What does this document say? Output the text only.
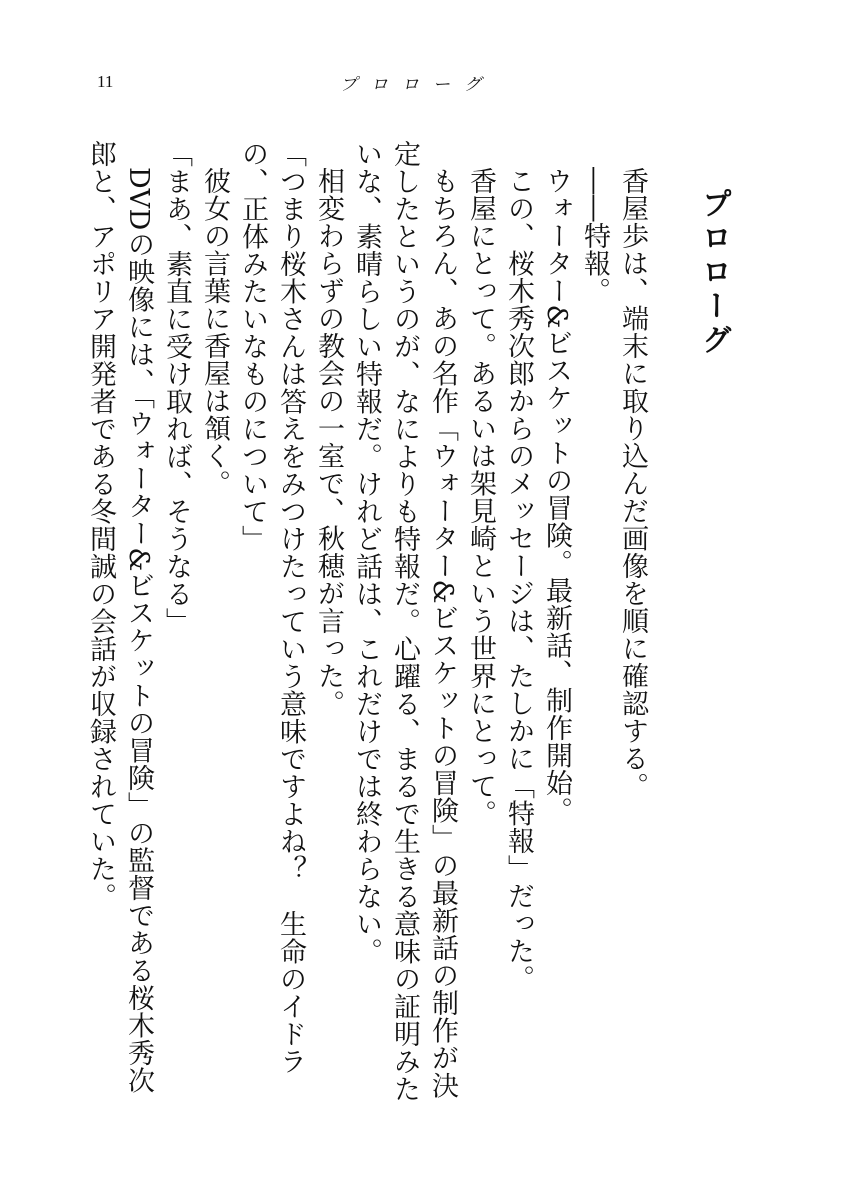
11	プロローグ
プロローグ

香屋歩は、端末に取り込んだ画像を順に確認する。

――特報。

ウォーター&ビスケットの冒険。最新話、制作開始。

この、桜木秀次郎からのメッセージは、たしかに「特報」だった。

香屋にとって。あるいは架見崎という世界にとって。

もちろん、あの名作「ウォーター&ビスケットの冒険」の最新話の制作が決定したというのが、なによりも特報だ。心躍る、まるで生きる意味の証明みたいな、素晴らしい特報だ。けれど話は、これだけでは終わらない。

相変わらずの教会の一室で、秋穂が言った。

「つまり桜木さんは答えをみつけたっていう意味ですよね？　生命のイドラの、正体みたいなものについて」

彼女の言葉に香屋は頷く。

「まあ、素直に受け取れば、そうなる」

DVDの映像には、「ウォーター&ビスケットの冒険」の監督である桜木秀次郎と、アポリア開発者である冬間誠の会話が収録されていた。
